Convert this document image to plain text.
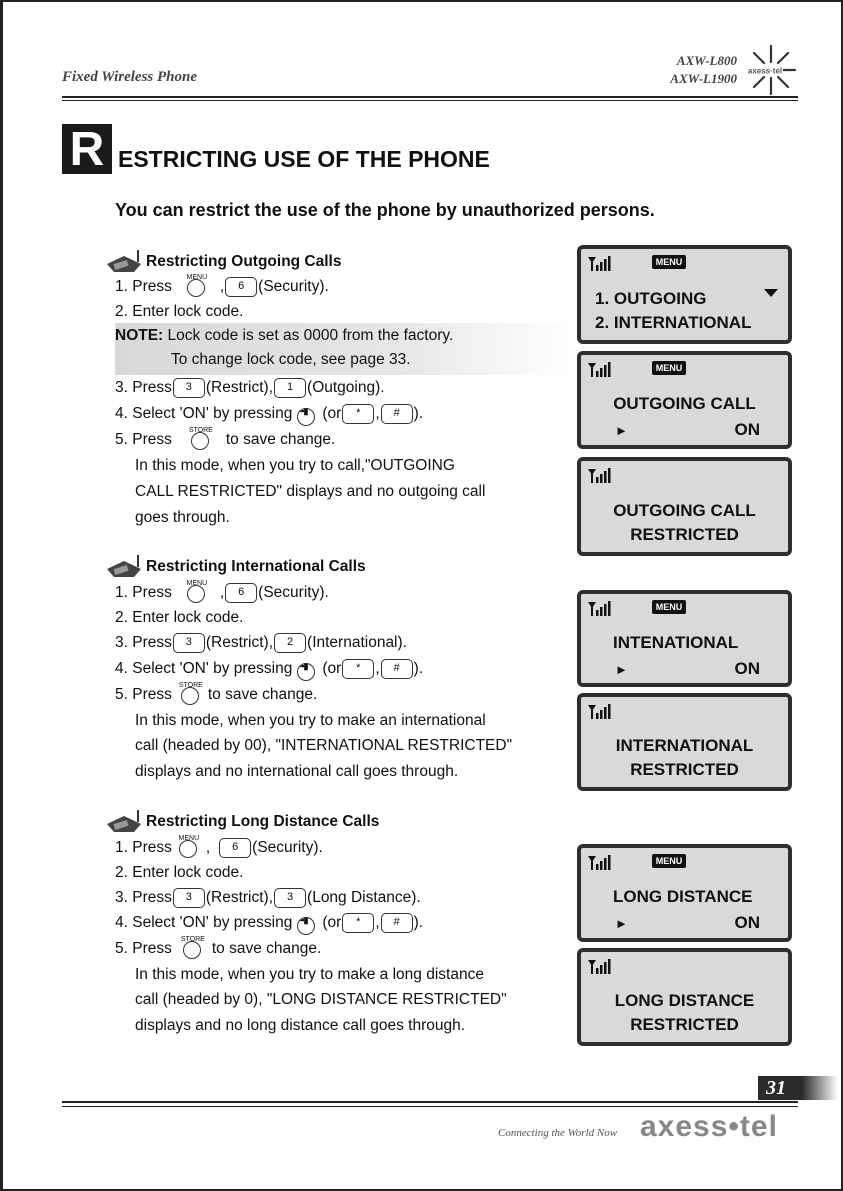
Fixed Wireless Phone
AXW-L800
AXW-L1900 axess·tel
R ESTRICTING USE OF THE PHONE
You can restrict the use of the phone by unauthorized persons.
Restricting Outgoing Calls
1. Press
MENU
,	6 (Security).
2. Enter lock code.
NOTE: Lock code is set as 0000 from the factory.
To change lock code, see page 33.
3. Press	3 (Restrict),	1 (Outgoing).
4. Select 'ON' by pressing -▪▮ (or	* ,	# ).
5. Press
STORE
to save change.
In this mode, when you try to call,"OUTGOING
CALL RESTRICTED" displays and no outgoing call
goes through.
Restricting International Calls
1. Press
MENU
,	6 (Security).
2. Enter lock code.
3. Press	3 (Restrict),	2 (International).
4. Select 'ON' by pressing -▪▮ (or	* ,	# ).
5. Press
STORE
to save change.
In this mode, when you try to make an international
call (headed by 00), "INTERNATIONAL RESTRICTED"
displays and no international call goes through.
Restricting Long Distance Calls
1. Press
MENU
,	6 (Security).
2. Enter lock code.
3. Press	3 (Restrict),	3 (Long Distance).
4. Select 'ON' by pressing -▪▮ (or	* ,	# ).
5. Press
STORE
to save change.
In this mode, when you try to make a long distance
call (headed by 0), "LONG DISTANCE RESTRICTED"
displays and no long distance call goes through.
MENU
1. OUTGOING
2. INTERNATIONAL
MENU
OUTGOING CALL
►	ON
OUTGOING CALL
RESTRICTED
MENU
INTENATIONAL
►	ON
INTERNATIONAL
RESTRICTED
MENU
LONG DISTANCE
►	ON
LONG DISTANCE
RESTRICTED
31
Connecting the World Now axess•tel
